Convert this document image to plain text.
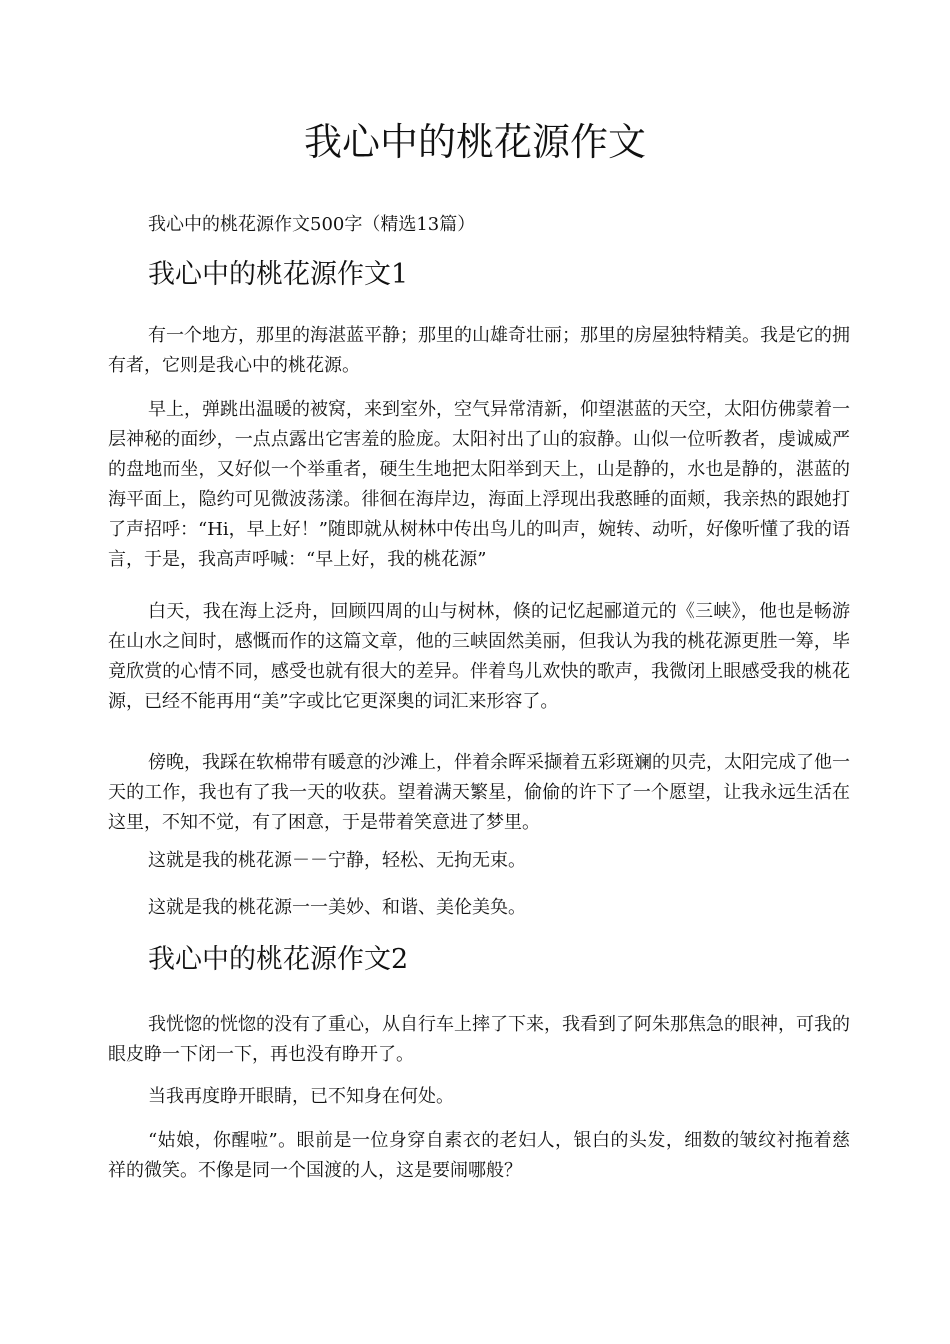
我心中的桃花源作文

我心中的桃花源作文500字（精选13篇）

我心中的桃花源作文1

有一个地方，那里的海湛蓝平静；那里的山雄奇壮丽；那里的房屋独特精美。我是它的拥有者，它则是我心中的桃花源。

早上，弹跳出温暖的被窝，来到室外，空气异常清新，仰望湛蓝的天空，太阳仿佛蒙着一层神秘的面纱，一点点露出它害羞的脸庞。太阳衬出了山的寂静。山似一位听教者，虔诚威严的盘地而坐，又好似一个举重者，硬生生地把太阳举到天上，山是静的，水也是静的，湛蓝的海平面上，隐约可见微波荡漾。徘徊在海岸边，海面上浮现出我憨睡的面颊，我亲热的跟她打了声招呼：“Hi，早上好！”随即就从树林中传出鸟儿的叫声，婉转、动听，好像听懂了我的语言，于是，我高声呼喊：“早上好，我的桃花源”

白天，我在海上泛舟，回顾四周的山与树林，倏的记忆起郦道元的《三峡》，他也是畅游在山水之间时，感慨而作的这篇文章，他的三峡固然美丽，但我认为我的桃花源更胜一筹，毕竟欣赏的心情不同，感受也就有很大的差异。伴着鸟儿欢快的歌声，我微闭上眼感受我的桃花源，已经不能再用“美”字或比它更深奥的词汇来形容了。

傍晚，我踩在软棉带有暖意的沙滩上，伴着余晖采撷着五彩斑斓的贝壳，太阳完成了他一天的工作，我也有了我一天的收获。望着满天繁星，偷偷的许下了一个愿望，让我永远生活在这里，不知不觉，有了困意，于是带着笑意进了梦里。

这就是我的桃花源－－宁静，轻松、无拘无束。

这就是我的桃花源一一美妙、和谐、美伦美奂。

我心中的桃花源作文2

我恍惚的恍惚的没有了重心，从自行车上摔了下来，我看到了阿朱那焦急的眼神，可我的眼皮睁一下闭一下，再也没有睁开了。

当我再度睁开眼睛，已不知身在何处。

“姑娘，你醒啦”。眼前是一位身穿自素衣的老妇人，银白的头发，细数的皱纹衬拖着慈祥的微笑。不像是同一个国渡的人，这是要闹哪般？
